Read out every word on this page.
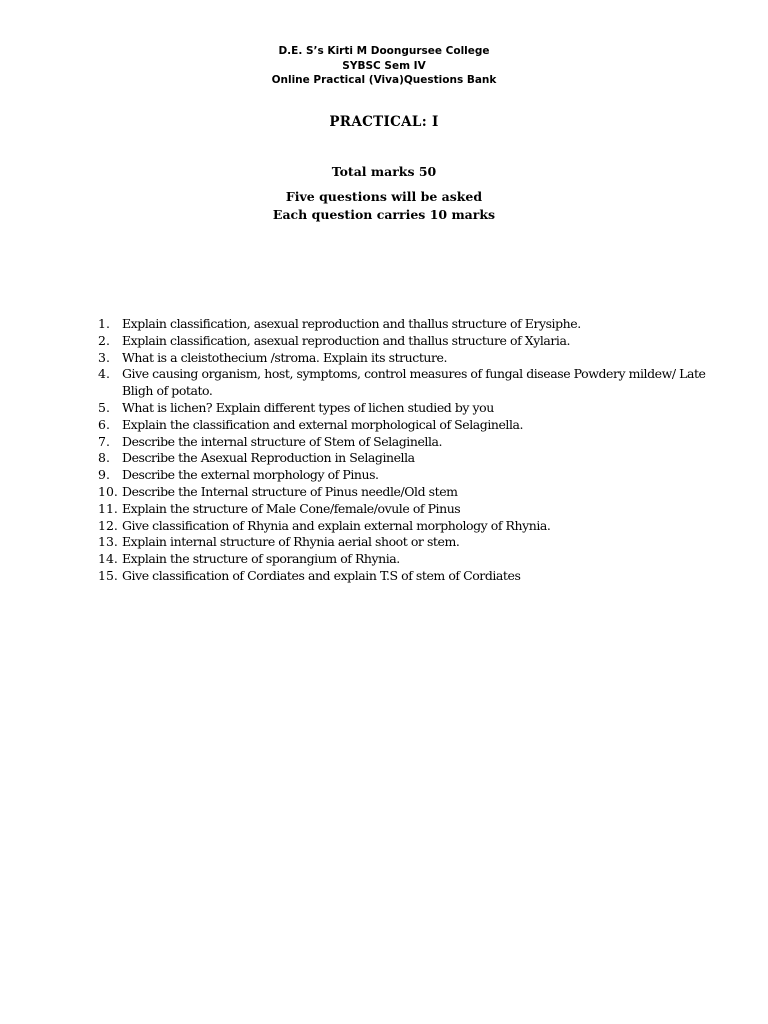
D.E. S’s Kirti M Doongursee College
SYBSC Sem IV
Online Practical (Viva)Questions Bank
PRACTICAL: I
Total marks 50
Five questions will be asked
Each question carries 10 marks
1. Explain classification, asexual reproduction and thallus structure of Erysiphe.
2. Explain classification, asexual reproduction and thallus structure of Xylaria.
3. What is a cleistothecium /stroma. Explain its structure.
4. Give causing organism, host, symptoms, control measures of fungal disease Powdery mildew/ Late Bligh of potato.
5. What is lichen? Explain different types of lichen studied by you
6. Explain the classification and external morphological of Selaginella.
7. Describe the internal structure of Stem of Selaginella.
8. Describe the Asexual Reproduction in Selaginella
9. Describe the external morphology of Pinus.
10. Describe the Internal structure of Pinus needle/Old stem
11. Explain the structure of Male Cone/female/ovule of Pinus
12. Give classification of Rhynia and explain external morphology of Rhynia.
13. Explain internal structure of Rhynia aerial shoot or stem.
14. Explain the structure of sporangium of Rhynia.
15. Give classification of Cordiates and explain T.S of stem of Cordiates
